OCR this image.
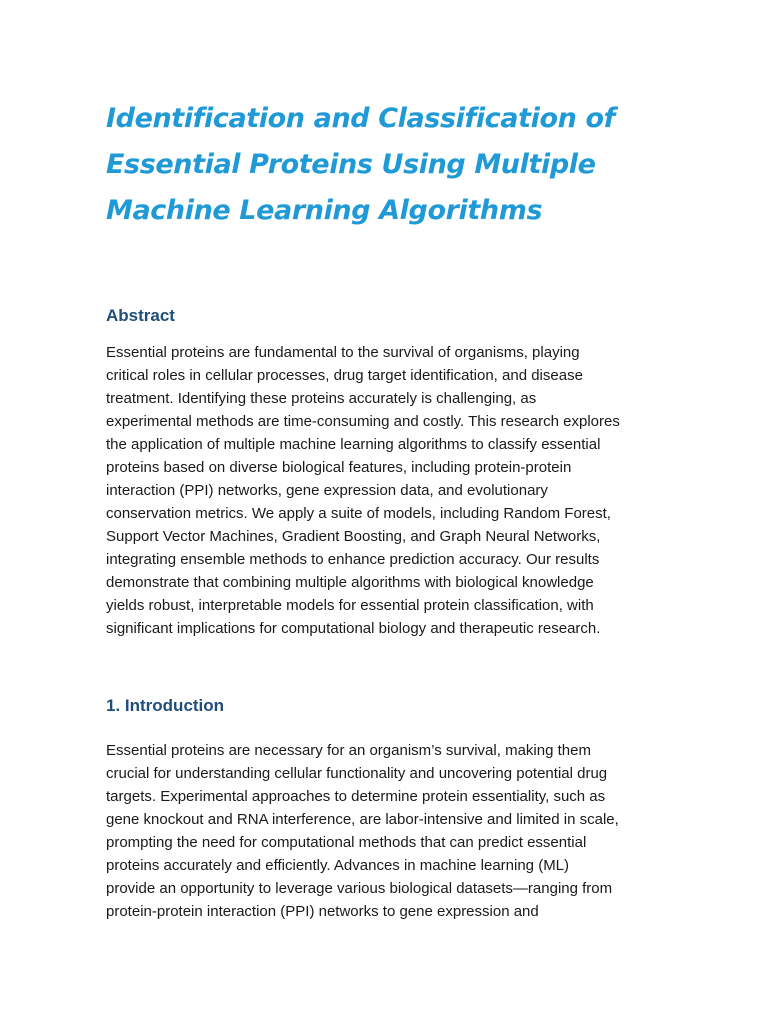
Identification and Classification of
Essential Proteins Using Multiple
Machine Learning Algorithms
Abstract

Essential proteins are fundamental to the survival of organisms, playing
critical roles in cellular processes, drug target identification, and disease
treatment. Identifying these proteins accurately is challenging, as
experimental methods are time-consuming and costly. This research explores
the application of multiple machine learning algorithms to classify essential
proteins based on diverse biological features, including protein-protein
interaction (PPI) networks, gene expression data, and evolutionary
conservation metrics. We apply a suite of models, including Random Forest,
Support Vector Machines, Gradient Boosting, and Graph Neural Networks,
integrating ensemble methods to enhance prediction accuracy. Our results
demonstrate that combining multiple algorithms with biological knowledge
yields robust, interpretable models for essential protein classification, with
significant implications for computational biology and therapeutic research.

1. Introduction

Essential proteins are necessary for an organism’s survival, making them
crucial for understanding cellular functionality and uncovering potential drug
targets. Experimental approaches to determine protein essentiality, such as
gene knockout and RNA interference, are labor-intensive and limited in scale,
prompting the need for computational methods that can predict essential
proteins accurately and efficiently. Advances in machine learning (ML)
provide an opportunity to leverage various biological datasets—ranging from
protein-protein interaction (PPI) networks to gene expression and
